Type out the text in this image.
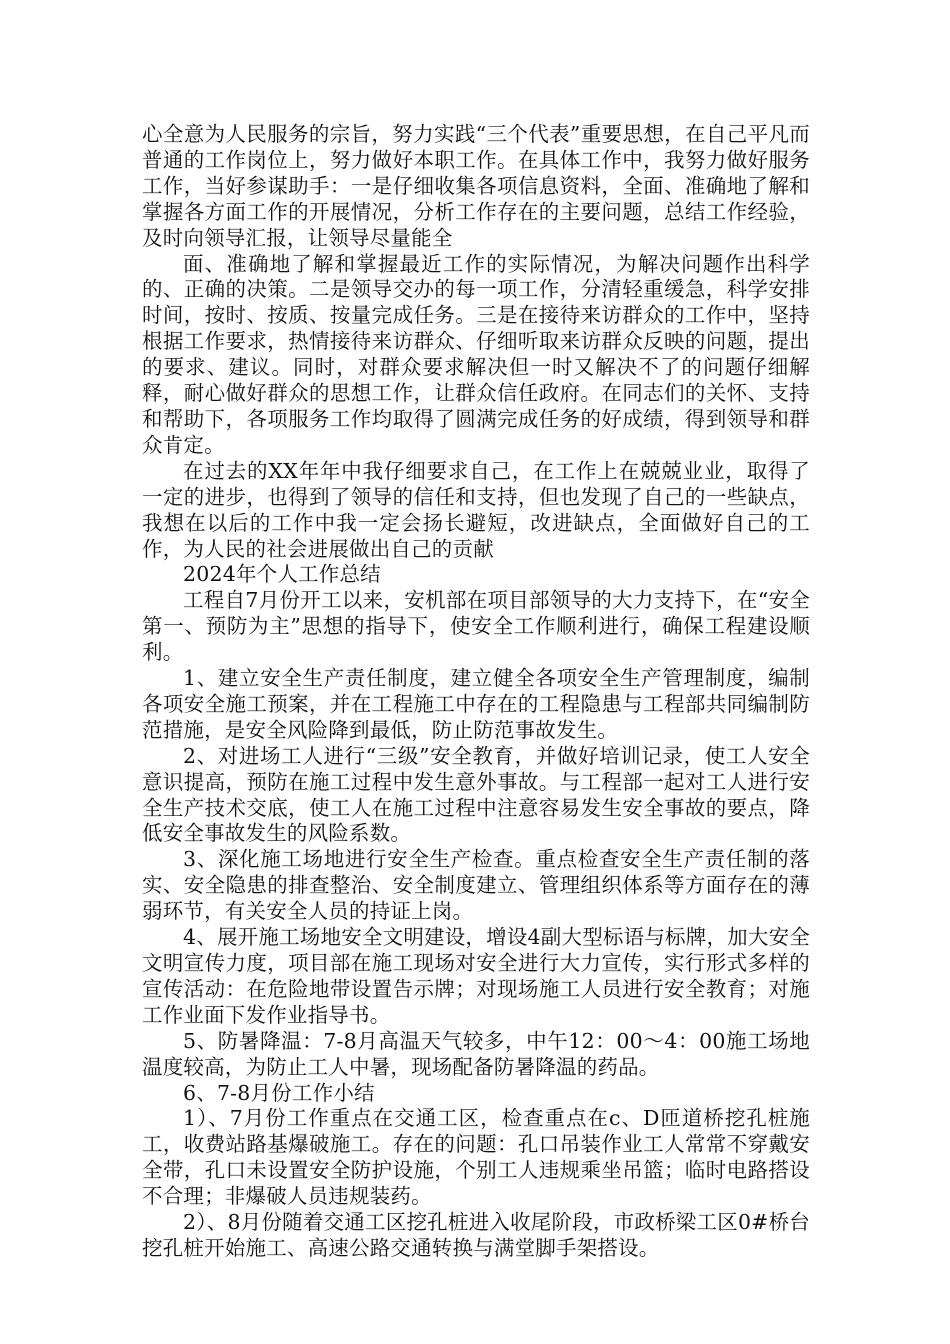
心全意为人民服务的宗旨，努力实践“三个代表”重要思想，在自己平凡而普通的工作岗位上，努力做好本职工作。在具体工作中，我努力做好服务工作，当好参谋助手：一是仔细收集各项信息资料，全面、准确地了解和掌握各方面工作的开展情况，分析工作存在的主要问题，总结工作经验，及时向领导汇报，让领导尽量能全

面、准确地了解和掌握最近工作的实际情况，为解决问题作出科学的、正确的决策。二是领导交办的每一项工作，分清轻重缓急，科学安排时间，按时、按质、按量完成任务。三是在接待来访群众的工作中，坚持根据工作要求，热情接待来访群众、仔细听取来访群众反映的问题，提出的要求、建议。同时，对群众要求解决但一时又解决不了的问题仔细解释，耐心做好群众的思想工作，让群众信任政府。在同志们的关怀、支持和帮助下，各项服务工作均取得了圆满完成任务的好成绩，得到领导和群众肯定。

在过去的XX年年中我仔细要求自己，在工作上在兢兢业业，取得了一定的进步，也得到了领导的信任和支持，但也发现了自己的一些缺点，我想在以后的工作中我一定会扬长避短，改进缺点，全面做好自己的工作，为人民的社会进展做出自己的贡献

2024年个人工作总结

工程自7月份开工以来，安机部在项目部领导的大力支持下，在“安全第一、预防为主”思想的指导下，使安全工作顺利进行，确保工程建设顺利。

1、建立安全生产责任制度，建立健全各项安全生产管理制度，编制各项安全施工预案，并在工程施工中存在的工程隐患与工程部共同编制防范措施，是安全风险降到最低，防止防范事故发生。

2、对进场工人进行“三级”安全教育，并做好培训记录，使工人安全意识提高，预防在施工过程中发生意外事故。与工程部一起对工人进行安全生产技术交底，使工人在施工过程中注意容易发生安全事故的要点，降低安全事故发生的风险系数。

3、深化施工场地进行安全生产检查。重点检查安全生产责任制的落实、安全隐患的排查整治、安全制度建立、管理组织体系等方面存在的薄弱环节，有关安全人员的持证上岗。

4、展开施工场地安全文明建设，增设4副大型标语与标牌，加大安全文明宣传力度，项目部在施工现场对安全进行大力宣传，实行形式多样的宣传活动：在危险地带设置告示牌；对现场施工人员进行安全教育；对施工作业面下发作业指导书。

5、防暑降温：7-8月高温天气较多，中午12：00～4：00施工场地温度较高，为防止工人中暑，现场配备防暑降温的药品。

6、7-8月份工作小结

1）、7月份工作重点在交通工区，检查重点在c、D匝道桥挖孔桩施工，收费站路基爆破施工。存在的问题：孔口吊装作业工人常常不穿戴安全带，孔口未设置安全防护设施，个别工人违规乘坐吊篮；临时电路搭设不合理；非爆破人员违规装药。

2）、8月份随着交通工区挖孔桩进入收尾阶段，市政桥梁工区0#桥台挖孔桩开始施工、高速公路交通转换与满堂脚手架搭设。
